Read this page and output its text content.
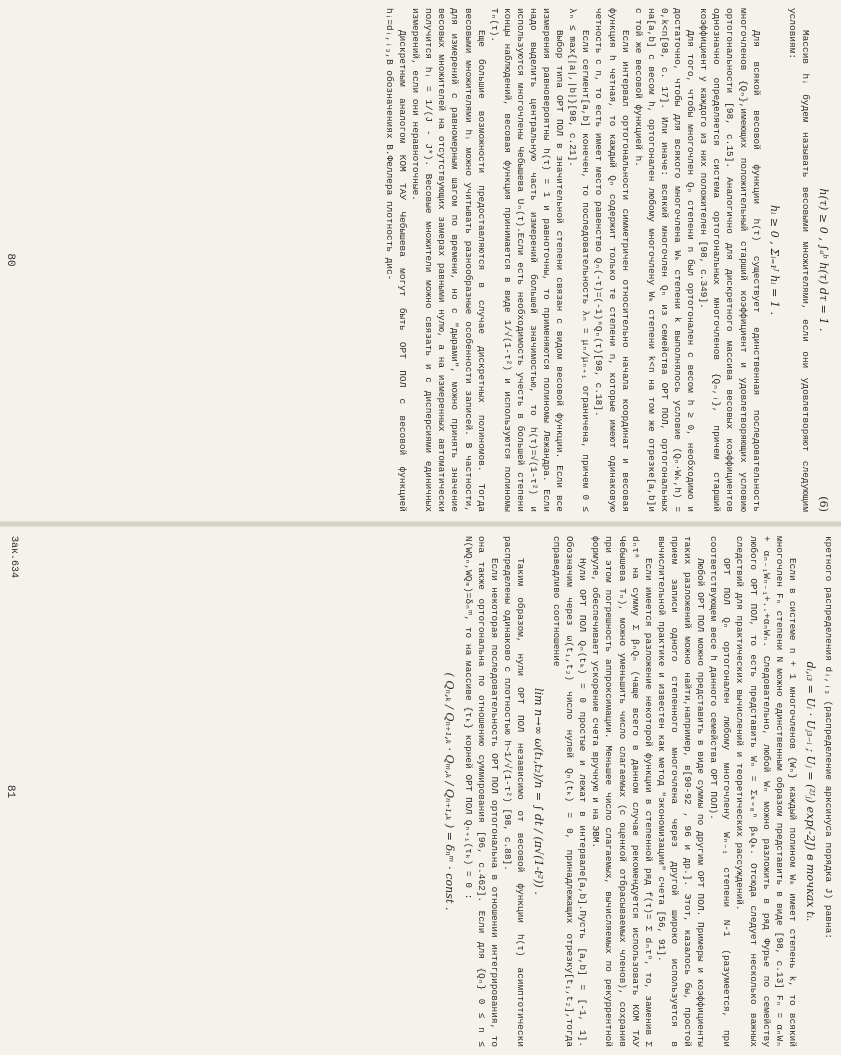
h(τ) ≥ 0 , ∫ₐᵇ h(τ) dτ = 1 .
(6)

Массив hᵢ будем называть весовыми множителями, если они удовлетворяют следующим условиям:

hᵢ ≥ 0 , Σᵢ₌₁ᴶ hᵢ = 1 .

Для всякой весовой функции h(τ) существует единственная последовательность многочленов {Qₙ},имеющих положительный старший коэффициент и удовлетворяющих условию ортогональности [98, с.15]. Аналогично для дискретного массива весовых коэффициентов однозначно определяется система ортогональных многочленов {Qₙ,ᵢ}, причем старший коэффициент у каждого из них положителен [98, с.349].

Для того, чтобы многочлен Qₙ степени n был ортогонален с весом h ≥ 0, необходимо и достаточно, чтобы для всякого многочлена Wₖ степени k выполнялось условие (Qₙ·Wₖ,h) = 0,k<n[98, с. 17]. Или иначе: всякий многочлен Qₙ из семейства ОРТ ПОЛ, ортогональных на[a,b] с весом h, ортогонален любому многочлену Wₖ степени k<n на том же отрезке[a,b]и с той же весовой функцией h.

Если интервал ортогональности симметричен относительно начала координат и весовая функция h четная, то каждый Qₙ содержит только те степени n, которые имеют одинаковую четность с n, то есть имеет место равенство Qₙ(-τ)=(-1)ⁿQₙ(τ)[98, с.18].

Если сегмент[a,b] конечен, то последовательность λₙ = μₙ/μₙ₊₁ ограничена, причем 0 ≤ λₙ ≤ max{|a|,|b|}[98, с.21].

Выбор типа ОРТ ПОЛ в значительной степени связан с видом весовой функции. Если все измерения равновероятны h(τ) = 1 и равноточны, то применяются полиномы Лежандра. Если надо выделить центральную часть измерений большей значимостью, то h(τ)=√(1-τ²) и используются многочлены Чебышева Uₙ(τ).Если есть необходимость учесть в большей степени концы наблюдений, весовая функция принимается в виде 1/√(1-τ²) и используются полиномы Tₙ(τ).

Еще большие возможности предоставляются в случае дискретных полиномов. Тогда весовыми множителями hᵢ можно учитывать разнообразные особенности записей. В частности, для измерений с равномерным шагом по времени, но с "дырами", можно принять значение весовых множителей на отсутствующих замерах равными нулю, а на измеренных автоматически получится hᵢ = 1/(J - J*). Весовые множители можно связать и с дисперсиями единичных измерений, если они неравноточные.

Дискретным аналогом КОМ ТАУ Чебышева могут быть ОРТ ПОЛ с весовой функцией hᵢ=dᵢ,ᵢ₃,В обозначениях В.Феллера плотность дис-

80

кретного распределения dᵢ,ᵢ₃ (распределение арксинуса порядка J) равна:

dᵢ,ᵢ₃ = Uᵢ · Uⱼ₃₋ᵢ ; Uⱼ = (²ᴶⱼ) exp(-2J) в точках tᵢ.

Если в системе n + 1 многочленов {Wₙ} каждый полином Wₖ имеет степень k, то всякий многочлен Fₙ степени N можно единственным образом представить в виде [98, с.13] Fₙ = αₙWₙ + αₙ₋₁Wₙ₋₁+..+αₙWₙ. Следовательно, любой Wₙ можно разложить в ряд Фурье по семейству любого ОРТ ПОЛ, то есть представить Wₙ = Σₖ₌₀ⁿ βₖQₖ. Отсюда следует несколько важных следствий для практических вычислений и теоретических рассуждений.

ОРТ ПОЛ Qₙ ортогонален любому многочлену Wₙ₋₁ степени N-1 (разумеется, при соответствующем весе h данного семейства ОРТ ПОЛ).

Любой ОРТ ПОЛ можно представить в виде суммы по другим ОРТ ПОЛ. Примеры и коэффициенты таких разложений можно найти,например, в[90-92 , 96 и др.]. Этот, казалось бы, простой прием записи одного степенного многочлена через другой широко используется в вычислительной практике и известен как метод "экономизации" счета [56, 91].

Если имеется разложение некоторой функции в степенной ряд f(τ)= Σ dₙτⁿ, то, заменив Σ dₙτⁿ на сумму Σ βₙQₙ (чаще всего в данном случае рекомендуется использовать КОМ ТАУ Чебышева Tₙ), можно уменьшить число слагаемых (с оценкой отбрасываемых членов), сохранив при этом погрешность аппроксимации. Меньшее число слагаемых, вычисляемых по рекуррентной формуле, обеспечивает ускорение счета вручную и на ЭВМ.

Нули ОРТ ПОЛ Qₙ(tₖ) = 0 простые и лежат в интервале[a,b].Пусть [a,b] = [-1, 1]. Обозначим через ω(t₁,t₂) число нулей Qₙ(tₖ) = 0, принадлежащих отрезку[t₁,t₂],тогда справедливо соотношение

lim n→∞ ω(t₁,t₂)/n = ∫ dt / (π√(1-t²)) .

Таким образом, нули ОРТ ПОЛ независимо от весовой функции h(τ) асимптотически распределены одинаково с плотностью h~1/√(1-τ²) [98, с.88].

Если некоторая последовательность ОРТ ПОЛ ортогональна в отношении интегрирования, то она также ортогональна по отношению суммирования [96, с.462]. Если для {Qₙ} 0 ≤ n ≤ N(WQₙ,WQₘ)=δₙᵐ, то на массиве {τₖ} корней ОРТ ПОЛ Qₙ₊₁(τₖ) = 0 :

( Qₙ,ₖ / Qₙ₊₁,ₖ · Qₘ,ₖ / Qₙ₊₁,ₖ ) = δₙᵐ · const .

81
Зак.634
